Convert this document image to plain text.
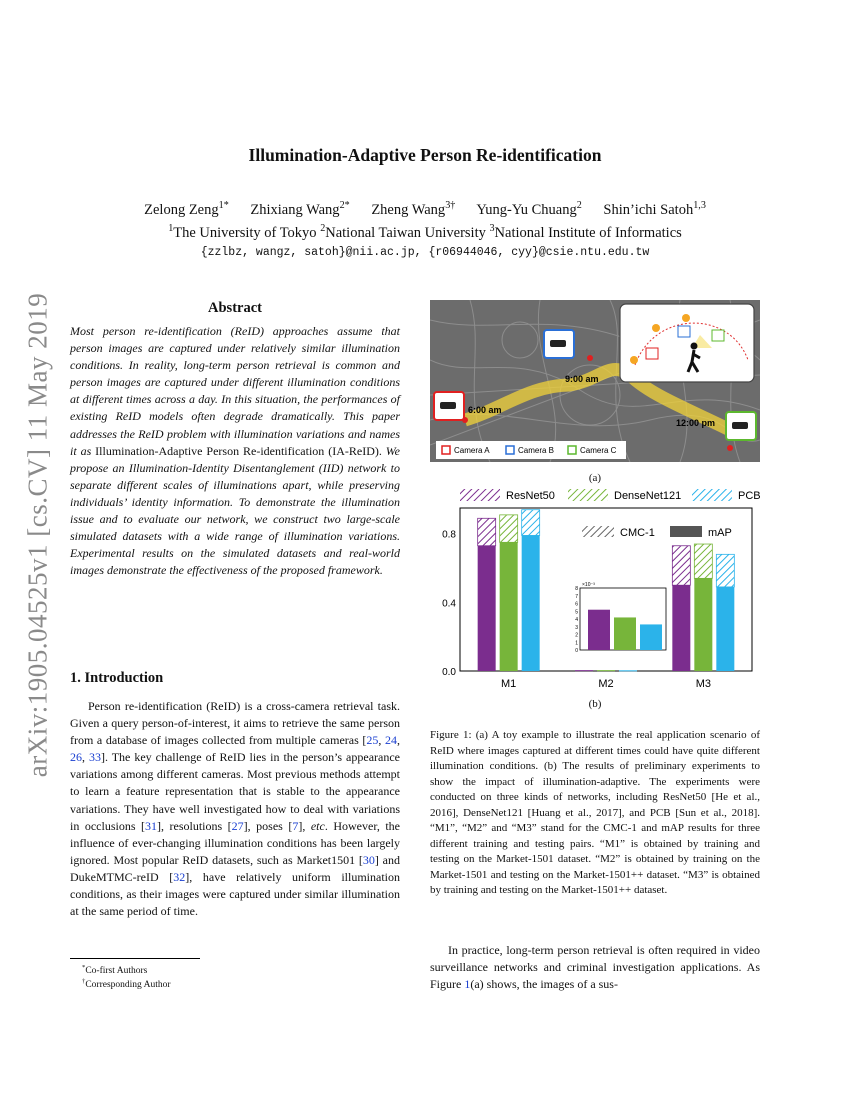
arXiv:1905.04525v1 [cs.CV] 11 May 2019
Illumination-Adaptive Person Re-identification
Zelong Zeng$^{1*}$ Zhixiang Wang$^{2*}$ Zheng Wang$^{3\dagger}$ Yung-Yu Chuang$^2$ Shin’ichi Satoh$^{1,3}$
$^1$The University of Tokyo $^2$National Taiwan University $^3$National Institute of Informatics
{zzlbz, wangz, satoh}@nii.ac.jp, {r06944046, cyy}@csie.ntu.edu.tw
Abstract
Most person re-identification (ReID) approaches assume that person images are captured under relatively similar illumination conditions. In reality, long-term person retrieval is common and person images are captured under different illumination conditions at different times across a day. In this situation, the performances of existing ReID models often degrade dramatically. This paper addresses the ReID problem with illumination variations and names it as Illumination-Adaptive Person Re-identification (IA-ReID). We propose an Illumination-Identity Disentanglement (IID) network to separate different scales of illuminations apart, while preserving individuals’ identity information. To demonstrate the illumination issue and to evaluate our network, we construct two large-scale simulated datasets with a wide range of illumination variations. Experimental results on the simulated datasets and real-world images demonstrate the effectiveness of the proposed framework.
1. Introduction
Person re-identification (ReID) is a cross-camera retrieval task. Given a query person-of-interest, it aims to retrieve the same person from a database of images collected from multiple cameras [25, 24, 26, 33]. The key challenge of ReID lies in the person’s appearance variations among different cameras. Most previous methods attempt to learn a feature representation that is stable to the appearance variations. They have well investigated how to deal with variations in occlusions [31], resolutions [27], poses [7], etc. However, the influence of ever-changing illumination conditions has been largely ignored. Most popular ReID datasets, such as Market1501 [30] and DukeMTMC-reID [32], have relatively uniform illumination conditions, as their images were captured under similar illumination at the same period of time.
*Co-first Authors
†Corresponding Author
6:00 am
9:00 am
12:00 pm
Camera A	Camera B	Camera C
(a)
ResNet50	DenseNet121	PCB
0.0
0.4
0.8
M1	M2	M3
CMC-1	mAP
0
1
2
3
4
5
6
7
8
×10⁻³
(b)
Figure 1: (a) A toy example to illustrate the real application scenario of ReID where images captured at different times could have quite different illumination conditions. (b) The results of preliminary experiments to show the impact of illumination-adaptive. The experiments were conducted on three kinds of networks, including ResNet50 [He et al., 2016], DenseNet121 [Huang et al., 2017], and PCB [Sun et al., 2018]. “M1”, “M2” and “M3” stand for the CMC-1 and mAP results for three different training and testing pairs. “M1” is obtained by training and testing on the Market-1501 dataset. “M2” is obtained by training on the Market-1501 and testing on the Market-1501++ dataset. “M3” is obtained by training and testing on the Market-1501++ dataset.
In practice, long-term person retrieval is often required in video surveillance networks and criminal investigation applications. As Figure 1(a) shows, the images of a sus-
